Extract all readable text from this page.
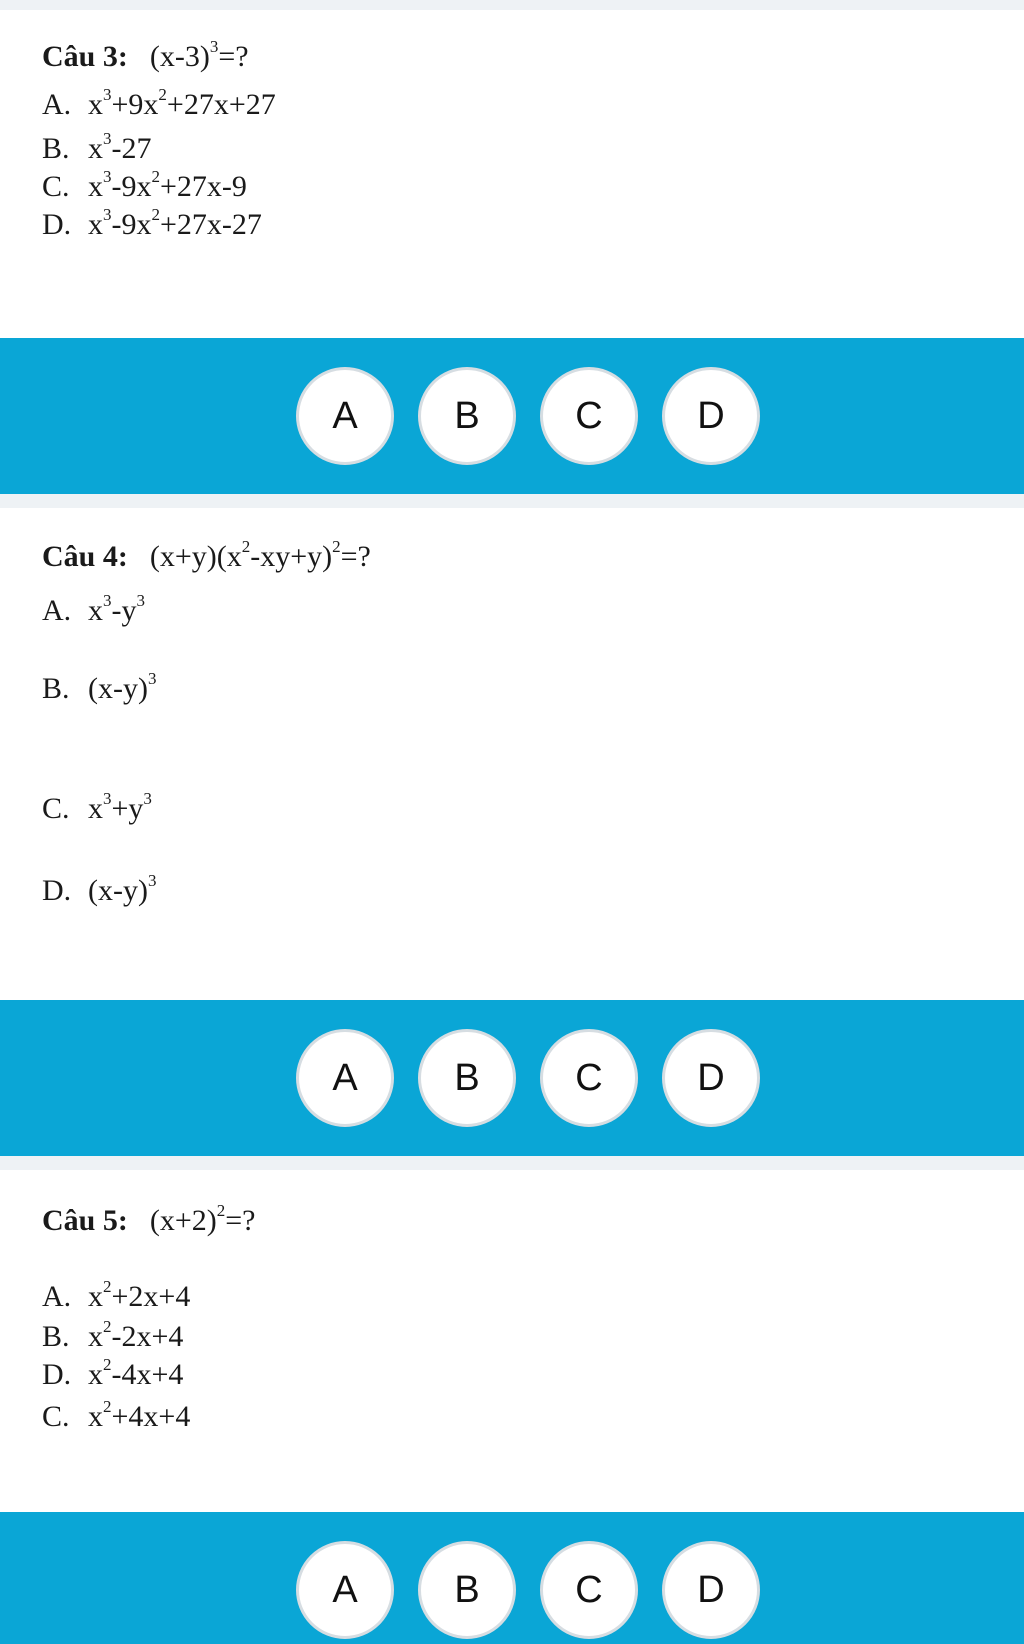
Câu 3: $(x-3)^3=$?
A. $x^3+9x^2+27x+27$
B. $x^3-27$
C. $x^3-9x^2+27x-9$
D. $x^3-9x^2+27x-27$
A	B	C	D
Câu 4: $(x+y)(x^2-xy+y)^2=$?
A. $x^3-y^3$
B. $(x-y)^3$
C. $x^3+y^3$
D. $(x-y)^3$
A	B	C	D
Câu 5: $(x+2)^2=$?
A. $x^2+2x+4$
B. $x^2-2x+4$
D. $x^2-4x+4$
C. $x^2+4x+4$
A	B	C	D
